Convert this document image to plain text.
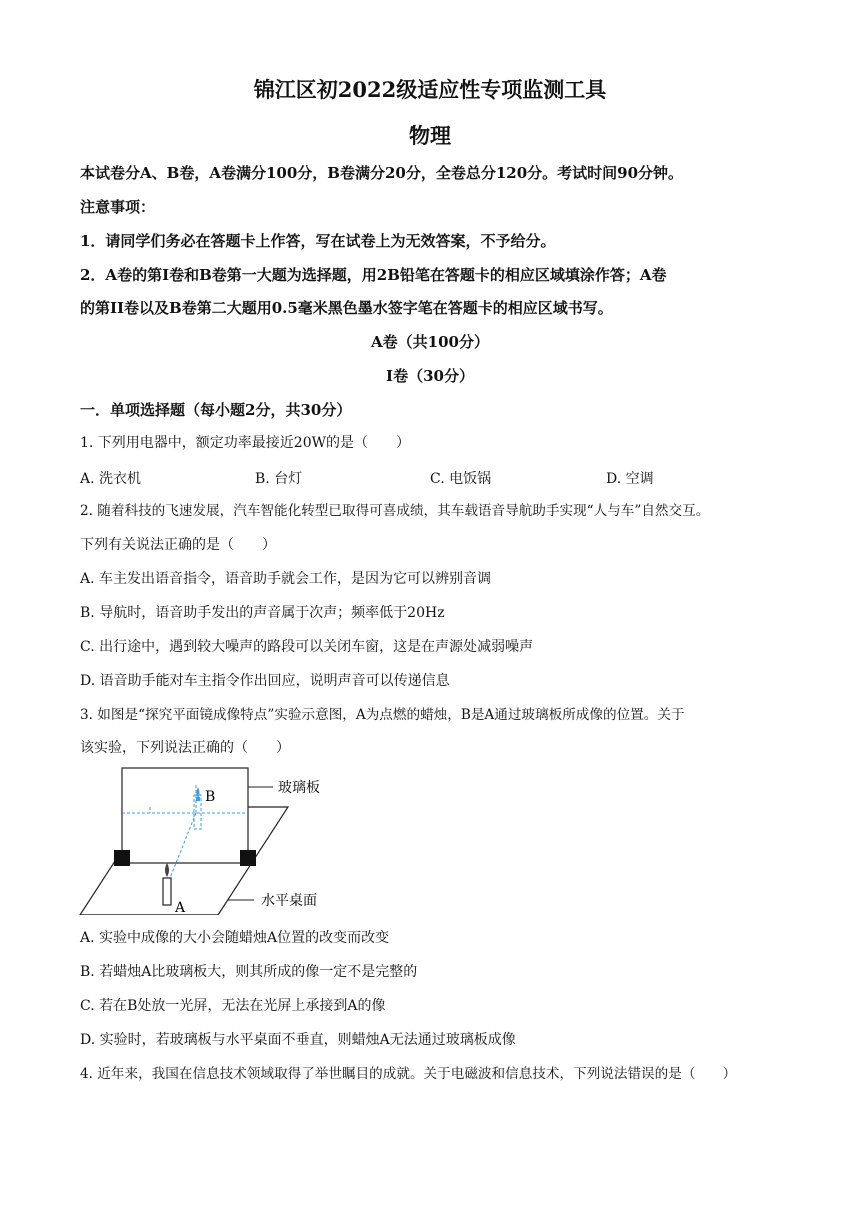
锦江区初2022级适应性专项监测工具
物理
本试卷分A、B卷，A卷满分100分，B卷满分20分，全卷总分120分。考试时间90分钟。
注意事项：
1．请同学们务必在答题卡上作答，写在试卷上为无效答案，不予给分。
2．A卷的第I卷和B卷第一大题为选择题，用2B铅笔在答题卡的相应区域填涂作答；A卷
的第II卷以及B卷第二大题用0.5毫米黑色墨水签字笔在答题卡的相应区域书写。
A卷（共100分）
I卷（30分）
一．单项选择题（每小题2分，共30分）
1. 下列用电器中，额定功率最接近20W的是（　　）
A. 洗衣机	B. 台灯	C. 电饭锅	D. 空调
2. 随着科技的飞速发展，汽车智能化转型已取得可喜成绩，其车载语音导航助手实现“人与车”自然交互。
下列有关说法正确的是（　　）
A. 车主发出语音指令，语音助手就会工作，是因为它可以辨别音调
B. 导航时，语音助手发出的声音属于次声；频率低于20Hz
C. 出行途中，遇到较大噪声的路段可以关闭车窗，这是在声源处减弱噪声
D. 语音助手能对车主指令作出回应，说明声音可以传递信息
3. 如图是“探究平面镜成像特点”实验示意图，A为点燃的蜡烛，B是A通过玻璃板所成像的位置。关于
该实验，下列说法正确的（　　）
B
A
玻璃板
水平桌面
A. 实验中成像的大小会随蜡烛A位置的改变而改变
B. 若蜡烛A比玻璃板大，则其所成的像一定不是完整的
C. 若在B处放一光屏，无法在光屏上承接到A的像
D. 实验时，若玻璃板与水平桌面不垂直，则蜡烛A无法通过玻璃板成像
4. 近年来，我国在信息技术领域取得了举世瞩目的成就。关于电磁波和信息技术，下列说法错误的是（　　）
